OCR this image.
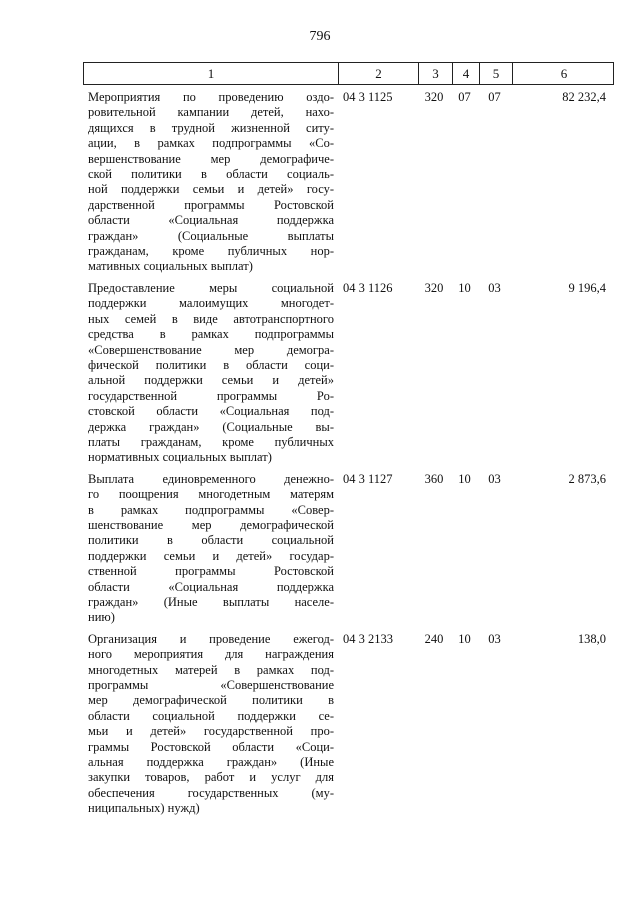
796
1	2	3	4	5	6
Мероприятия по проведению оздо-
ровительной кампании детей, нахо-
дящихся в трудной жизненной ситу-
ации, в рамках подпрограммы «Со-
вершенствование мер демографиче-
ской политики в области социаль-
ной поддержки семьи и детей» госу-
дарственной программы Ростовской
области «Социальная поддержка
граждан» (Социальные выплаты
гражданам, кроме публичных нор-
мативных социальных выплат)
04 3 1125	320	07	07	82 232,4
Предоставление меры социальной
поддержки малоимущих многодет-
ных семей в виде автотранспортного
средства в рамках подпрограммы
«Совершенствование мер демогра-
фической политики в области соци-
альной поддержки семьи и детей»
государственной программы Ро-
стовской области «Социальная под-
держка граждан» (Социальные вы-
платы гражданам, кроме публичных
нормативных социальных выплат)
04 3 1126	320	10	03	9 196,4
Выплата единовременного денежно-
го поощрения многодетным матерям
в рамках подпрограммы «Совер-
шенствование мер демографической
политики в области социальной
поддержки семьи и детей» государ-
ственной программы Ростовской
области «Социальная поддержка
граждан» (Иные выплаты населе-
нию)
04 3 1127	360	10	03	2 873,6
Организация и проведение ежегод-
ного мероприятия для награждения
многодетных матерей в рамках под-
программы «Совершенствование
мер демографической политики в
области социальной поддержки се-
мьи и детей» государственной про-
граммы Ростовской области «Соци-
альная поддержка граждан» (Иные
закупки товаров, работ и услуг для
обеспечения государственных (му-
ниципальных) нужд)
04 3 2133	240	10	03	138,0
